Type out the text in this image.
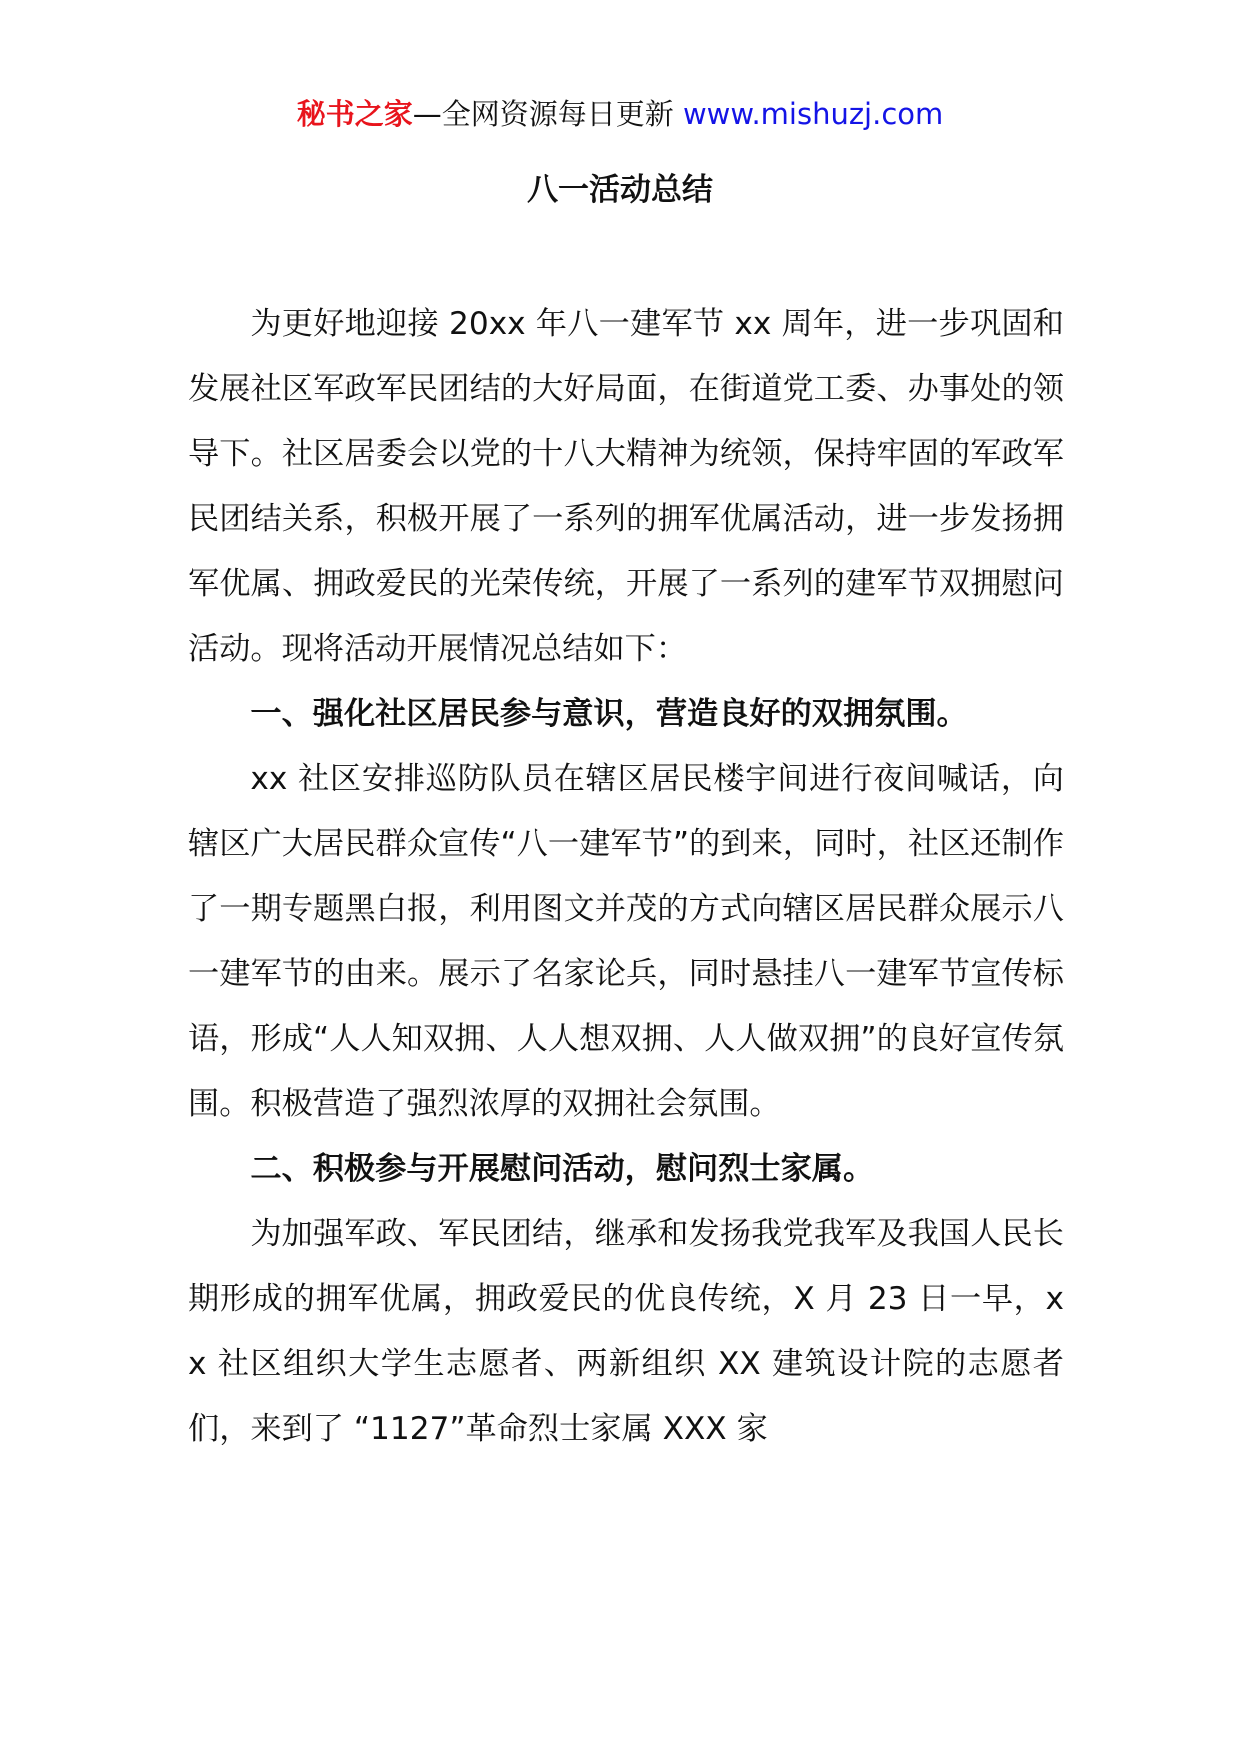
秘书之家—全网资源每日更新 www.mishuzj.com
八一活动总结

为更好地迎接 20xx 年八一建军节 xx 周年，进一步巩固和发展社区军政军民团结的大好局面，在街道党工委、办事处的领导下。社区居委会以党的十八大精神为统领，保持牢固的军政军民团结关系，积极开展了一系列的拥军优属活动，进一步发扬拥军优属、拥政爱民的光荣传统，开展了一系列的建军节双拥慰问活动。现将活动开展情况总结如下：

一、强化社区居民参与意识，营造良好的双拥氛围。

xx 社区安排巡防队员在辖区居民楼宇间进行夜间喊话，向辖区广大居民群众宣传“八一建军节”的到来，同时，社区还制作了一期专题黑白报，利用图文并茂的方式向辖区居民群众展示八一建军节的由来。展示了名家论兵，同时悬挂八一建军节宣传标语，形成“人人知双拥、人人想双拥、人人做双拥”的良好宣传氛围。积极营造了强烈浓厚的双拥社会氛围。

二、积极参与开展慰问活动，慰问烈士家属。

为加强军政、军民团结，继承和发扬我党我军及我国人民长期形成的拥军优属，拥政爱民的优良传统，X 月 23 日一早，xx 社区组织大学生志愿者、两新组织 XX 建筑设计院的志愿者们，来到了 “1127”革命烈士家属 XXX 家
